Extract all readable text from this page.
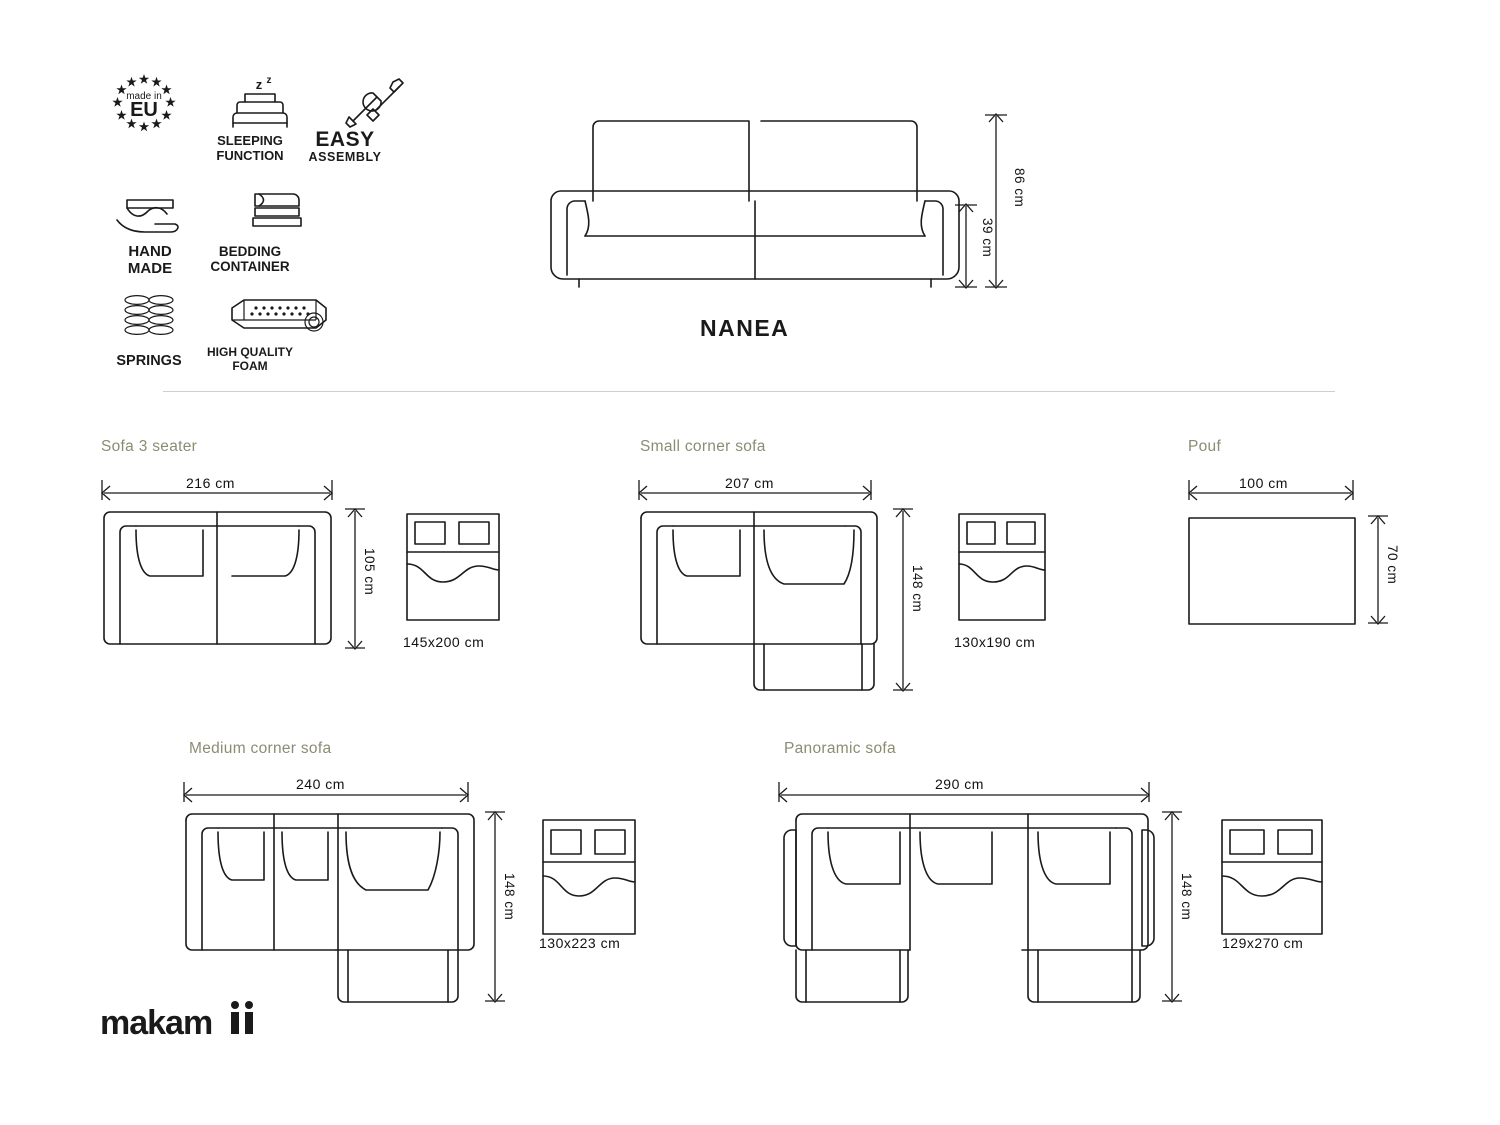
made in
EU
z z
SLEEPING
FUNCTION
EASY
ASSEMBLY
HAND
MADE
BEDDING
CONTAINER
SPRINGS
HIGH QUALITY
FOAM
86 cm
39 cm
NANEA
Sofa 3 seater
216 cm
105 cm
145x200 cm
Small corner sofa
207 cm
148 cm
130x190 cm
Pouf
100 cm
70 cm
Medium corner sofa
240 cm
148 cm
130x223 cm
Panoramic sofa
290 cm
148 cm
129x270 cm
makam
